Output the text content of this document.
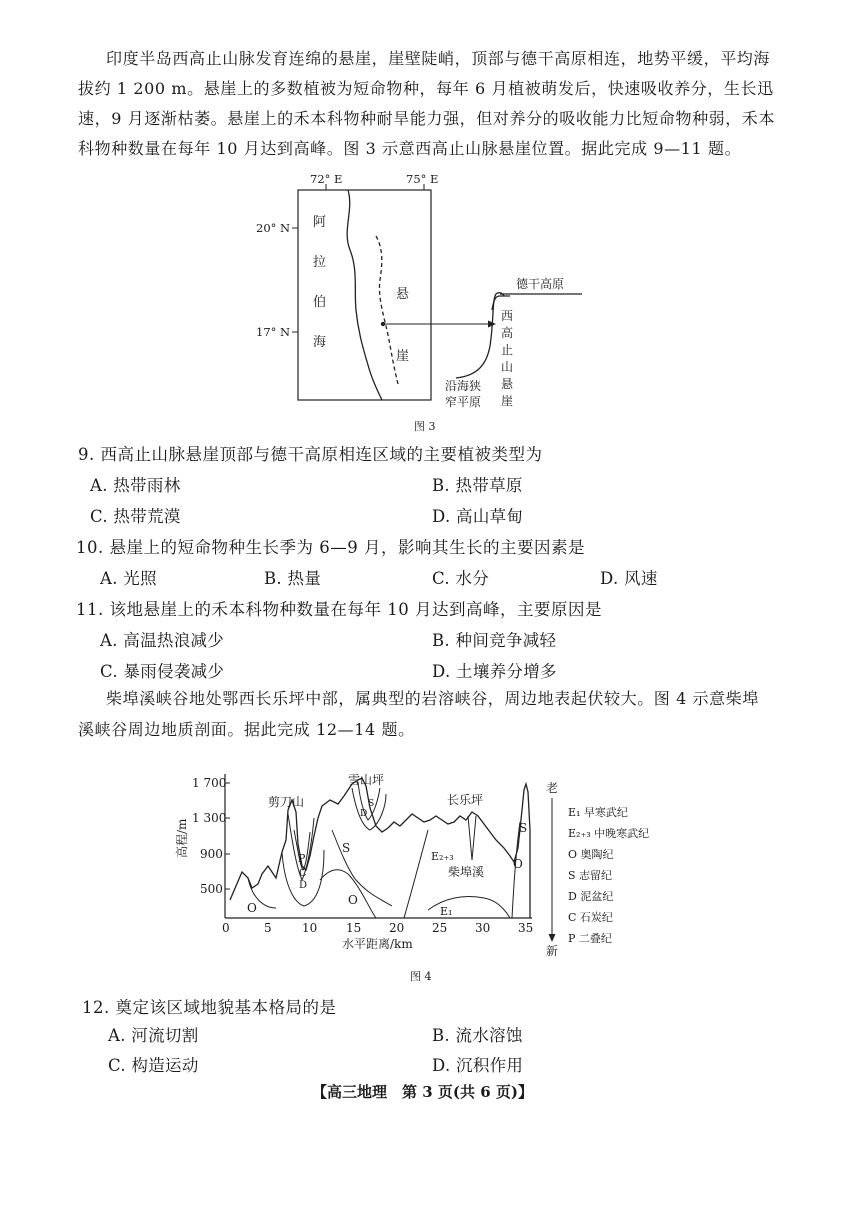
印度半岛西高止山脉发育连绵的悬崖，崖壁陡峭，顶部与德干高原相连，地势平缓，平均海
拔约 1 200 m。悬崖上的多数植被为短命物种，每年 6 月植被萌发后，快速吸收养分，生长迅
速，9 月逐渐枯萎。悬崖上的禾本科物种耐旱能力强，但对养分的吸收能力比短命物种弱，禾本
科物种数量在每年 10 月达到高峰。图 3 示意西高止山脉悬崖位置。据此完成 9—11 题。
72° E	75° E
20° N
17° N
阿
拉
伯
海
悬
崖
德干高原
西
高
止
山
悬
崖
沿海狭
窄平原
图 3
9. 西高止山脉悬崖顶部与德干高原相连区域的主要植被类型为
A. 热带雨林	B. 热带草原
C. 热带荒漠	D. 高山草甸
10. 悬崖上的短命物种生长季为 6—9 月，影响其生长的主要因素是
A. 光照	B. 热量	C. 水分	D. 风速
11. 该地悬崖上的禾本科物种数量在每年 10 月达到高峰，主要原因是
A. 高温热浪减少	B. 种间竞争减轻
C. 暴雨侵袭减少	D. 土壤养分增多
柴埠溪峡谷地处鄂西长乐坪中部，属典型的岩溶峡谷，周边地表起伏较大。图 4 示意柴埠
溪峡谷周边地质剖面。据此完成 12—14 题。
高程/m
1 700
1 300
900
500
0	5	10 15 20 25 30 35
水平距离/km
剪刀山
雪山坪
长乐坪
柴埠溪
O
P
C
D
S
O
E₂₊₃
E₁
O
S
D
S
老
新
E₁ 早寒武纪
E₂₊₃ 中晚寒武纪
O 奥陶纪
S 志留纪
D 泥盆纪
C 石炭纪
P 二叠纪
图 4
12. 奠定该区域地貌基本格局的是
A. 河流切割	B. 流水溶蚀
C. 构造运动	D. 沉积作用
【高三地理　第 3 页(共 6 页)】
